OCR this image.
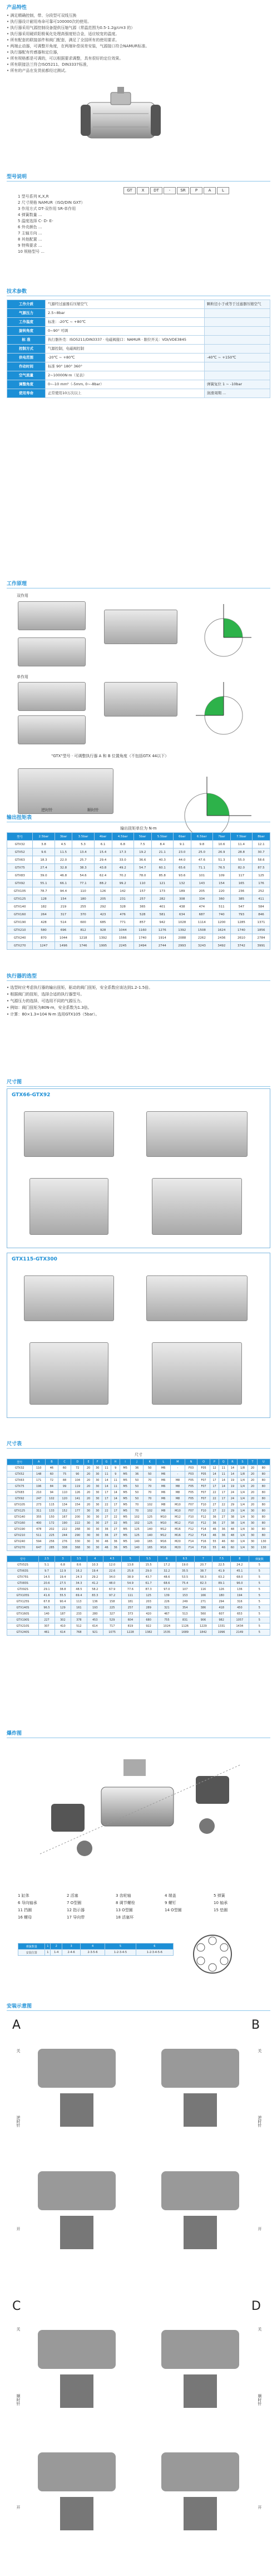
产品特性
• 满足精确控制，带、分段型可双线互换
• 执行器设计耐用寿命可靠可100000次的使用。
• 执行器采用气源控制设备提供压缩气源（常温范围为0.5-1.2g/cm3 的）
• 执行器采用硬质阳极氧化处理高强度铝合金，适应较宽的温度。
• 所有配套的联接部件和阀门配套，满足了全国所有的使用要求。
• 两端止动器，可调整开角度，在两端补偿误差安装，气源接口符合NAMUR标准。
• 执行器配有传感器和定位器，
• 所有规格都是可调的，可以根据要求调整，具有很好的定位效果。
• 所有联接法兰符合ISO5211、DIN3337标准，
• 所有的产品在发货前都经过测试。
型号说明
GT	X	DT	-	SR	P	A	L
1 型号系列 K,X,R
2 尺寸规格 NAMUR（ISO/DIN GXT）
3 作用方式 DT-双作用 SR-单作用
4 弹簧数量 ...
5 温度选择 C- D- E-
6 外壳颜色 ...
7 主轴方向 ...
8 其他配置 ...
9 特殊要求 ...
10 规格型号 ...
技术参数
工作介质	气源经过滤器后压缩空气	颗粒径小于或等于过滤器压缩空气
气源压力	2.5~8bar	
工作温度	标准：-20℃ ~ +80℃	
旋转角度	0~90° 可调	
标 准	执行器外壳：ISO5211/DIN3337 · 电磁阀接口：NAMUR · 限位开关：VDI/VDE3845	
控制方式	气源控制，电磁阀控制	
供电范围	-20℃ ~ +80℃	-40℃ ~ +150℃
作动时间	标准 90° 180° 360°	
空气流量	2~10000N·m（见表）	
调整角度	0~-10 mm²（-5mm, 0~-8bar）	弹簧复位 1 ~ -10bar
使用寿命	正常使用10万次以上	润滑周期 ...
工作原理
双作用
单作用
"GTX"型号 · 可调整执行器 A 和 B 位置角度（不包括GTX 44以下）
逆时针	顺时针
输出扭矩表
输出扭矩单位为 N·m
型号	2.5bar	3bar	3.5bar	4bar	4.5bar	5bar	5.5bar	6bar	6.5bar	7bar	7.5bar	8bar
GTX32	3.8	4.5	5.3	6.1	6.8	7.5	8.4	9.1	9.8	10.6	11.4	12.1
GTX52	9.6	11.5	13.4	15.4	17.3	19.2	21.1	23.0	25.0	26.9	28.8	30.7
GTX63	18.3	22.0	25.7	29.4	33.0	36.6	40.3	44.0	47.6	51.3	55.0	58.6
GTX75	27.4	32.8	38.3	43.8	49.2	54.7	60.1	65.6	71.1	76.5	82.0	87.5
GTX83	39.0	46.8	54.6	62.4	70.2	78.0	85.8	93.6	101	109	117	125
GTX92	55.1	66.1	77.1	88.2	99.2	110	121	132	143	154	165	176
GTX105	78.7	94.4	110	126	142	157	173	189	205	220	236	252
GTX125	128	154	180	205	231	257	282	308	334	360	385	411
GTX140	182	219	255	292	328	365	401	438	474	511	547	584
GTX160	264	317	370	423	476	528	581	634	687	740	793	846
GTX190	428	514	600	685	771	857	942	1028	1114	1200	1285	1371
GTX210	580	696	812	928	1044	1160	1276	1392	1508	1624	1740	1856
GTX240	870	1044	1218	1392	1566	1740	1914	2088	2262	2436	2610	2784
GTX270	1247	1496	1746	1995	2245	2494	2744	2993	3243	3492	3742	3991
执行器的选型
• 选型时应考虑执行器的输出扭矩，驱动的阀门扭矩，安全系数应该达到1.2-1.5倍。
• 根据阀门的扭矩，选择合适的执行器型号。
• 气源压力的选择，可选用不同的气源压力。
• 例如：阀门扭矩为80N·m，安全系数为1.3倍。
• 计算：80×1.3=104 N·m 选用GTX105（5bar）。
尺寸图
GTX66-GTX92
GTX115-GTX300
尺寸表
尺寸
型号	A	B	C	D	E	F	G	H	I	J	K	L	M	N	O	P	Q	R	S	T	U
GTX32	110	46	60	72	20	30	11	9	M5	36	50	M6	-	F03	F05	12	11	14	1/8	20	80
GTX52	148	60	75	90	20	30	11	9	M5	36	50	M6	-	F03	F05	14	11	14	1/8	20	80
GTX63	171	72	88	104	20	30	14	11	M5	50	70	M6	M8	F05	F07	17	14	19	1/4	20	80
GTX75	196	84	99	119	20	30	14	11	M5	50	70	M6	M8	F05	F07	17	14	19	1/4	20	80
GTX83	210	94	110	126	20	30	17	14	M5	50	70	M6	M8	F05	F07	22	17	24	1/4	20	80
GTX92	247	102	120	141	20	30	17	14	M5	50	70	M6	M8	F05	F07	22	17	24	1/4	20	80
GTX105	273	115	134	154	20	30	22	17	M5	70	102	M8	M10	F07	F10	27	22	29	1/4	20	80
GTX125	311	133	152	177	30	30	22	17	M5	70	102	M8	M10	F07	F10	27	22	29	1/4	30	80
GTX140	355	150	167	200	30	30	27	22	M5	102	125	M10	M12	F10	F12	36	27	38	1/4	30	80
GTX160	400	172	190	222	30	30	27	22	M5	102	125	M10	M12	F10	F12	36	27	38	1/4	30	80
GTX190	478	202	222	268	30	30	36	27	M5	125	140	M12	M16	F12	F14	46	36	48	1/4	30	80
GTX210	511	225	244	290	30	30	36	27	M5	125	140	M12	M16	F12	F14	46	36	48	1/4	30	80
GTX240	594	256	276	330	30	30	46	36	M5	140	165	M16	M20	F14	F16	55	46	60	1/4	30	130
GTX270	647	285	308	368	30	30	46	36	M5	140	165	M16	M20	F14	F16	55	46	60	1/4	30	130
型号	2.5	3	3.5	4	4.5	5	5.5	6	6.5	7	7.5	8	弹簧数
GTX52S	5.1	6.8	8.6	10.3	12.0	13.8	15.5	17.2	19.0	20.7	22.5	24.2	5
GTX63S	9.7	12.9	16.2	19.4	22.6	25.8	29.0	32.2	35.5	38.7	41.9	45.1	5
GTX75S	14.5	19.4	24.3	29.2	34.0	38.9	43.7	48.6	53.5	58.3	63.2	68.0	5
GTX83S	20.6	27.5	34.3	41.2	48.0	54.9	61.7	68.6	75.4	82.3	89.1	96.0	5
GTX92S	29.1	38.8	48.5	58.2	67.9	77.6	87.3	97.0	107	116	126	136	5
GTX105S	41.6	55.5	69.4	83.3	97.2	111	125	139	153	166	180	194	5
GTX125S	67.8	90.4	113	136	158	181	203	226	249	271	294	316	5
GTX140S	96.5	129	161	193	225	257	289	321	354	386	418	450	5
GTX160S	140	187	233	280	327	373	420	467	513	560	607	653	5
GTX190S	227	302	378	453	529	604	680	755	831	906	982	1057	5
GTX210S	307	410	512	614	717	819	922	1024	1126	1229	1331	1434	5
GTX240S	461	614	768	921	1075	1228	1382	1535	1689	1842	1996	2149	5
爆炸图
1 缸体	2 活塞	3 齿轮轴	4 端盖	5 弹簧
6 导向轴承	7 O型圈	8 调节螺栓	9 螺钉	10 轴承
11 挡圈	12 指示器	13 O型圈	14 O型圈	15 垫圈
16 螺母	17 导向带	18 活塞环
弹簧数量	1	2	3	4	5	6
安装位置	1	1-4	2-4-6	2-3-5-6	1-2-3-4-5	1-2-3-4-5-6
安装示意图
A	B
C	D
关
逆时针
开
关
逆时针
开
关
顺时针
开
关
顺时针
开
